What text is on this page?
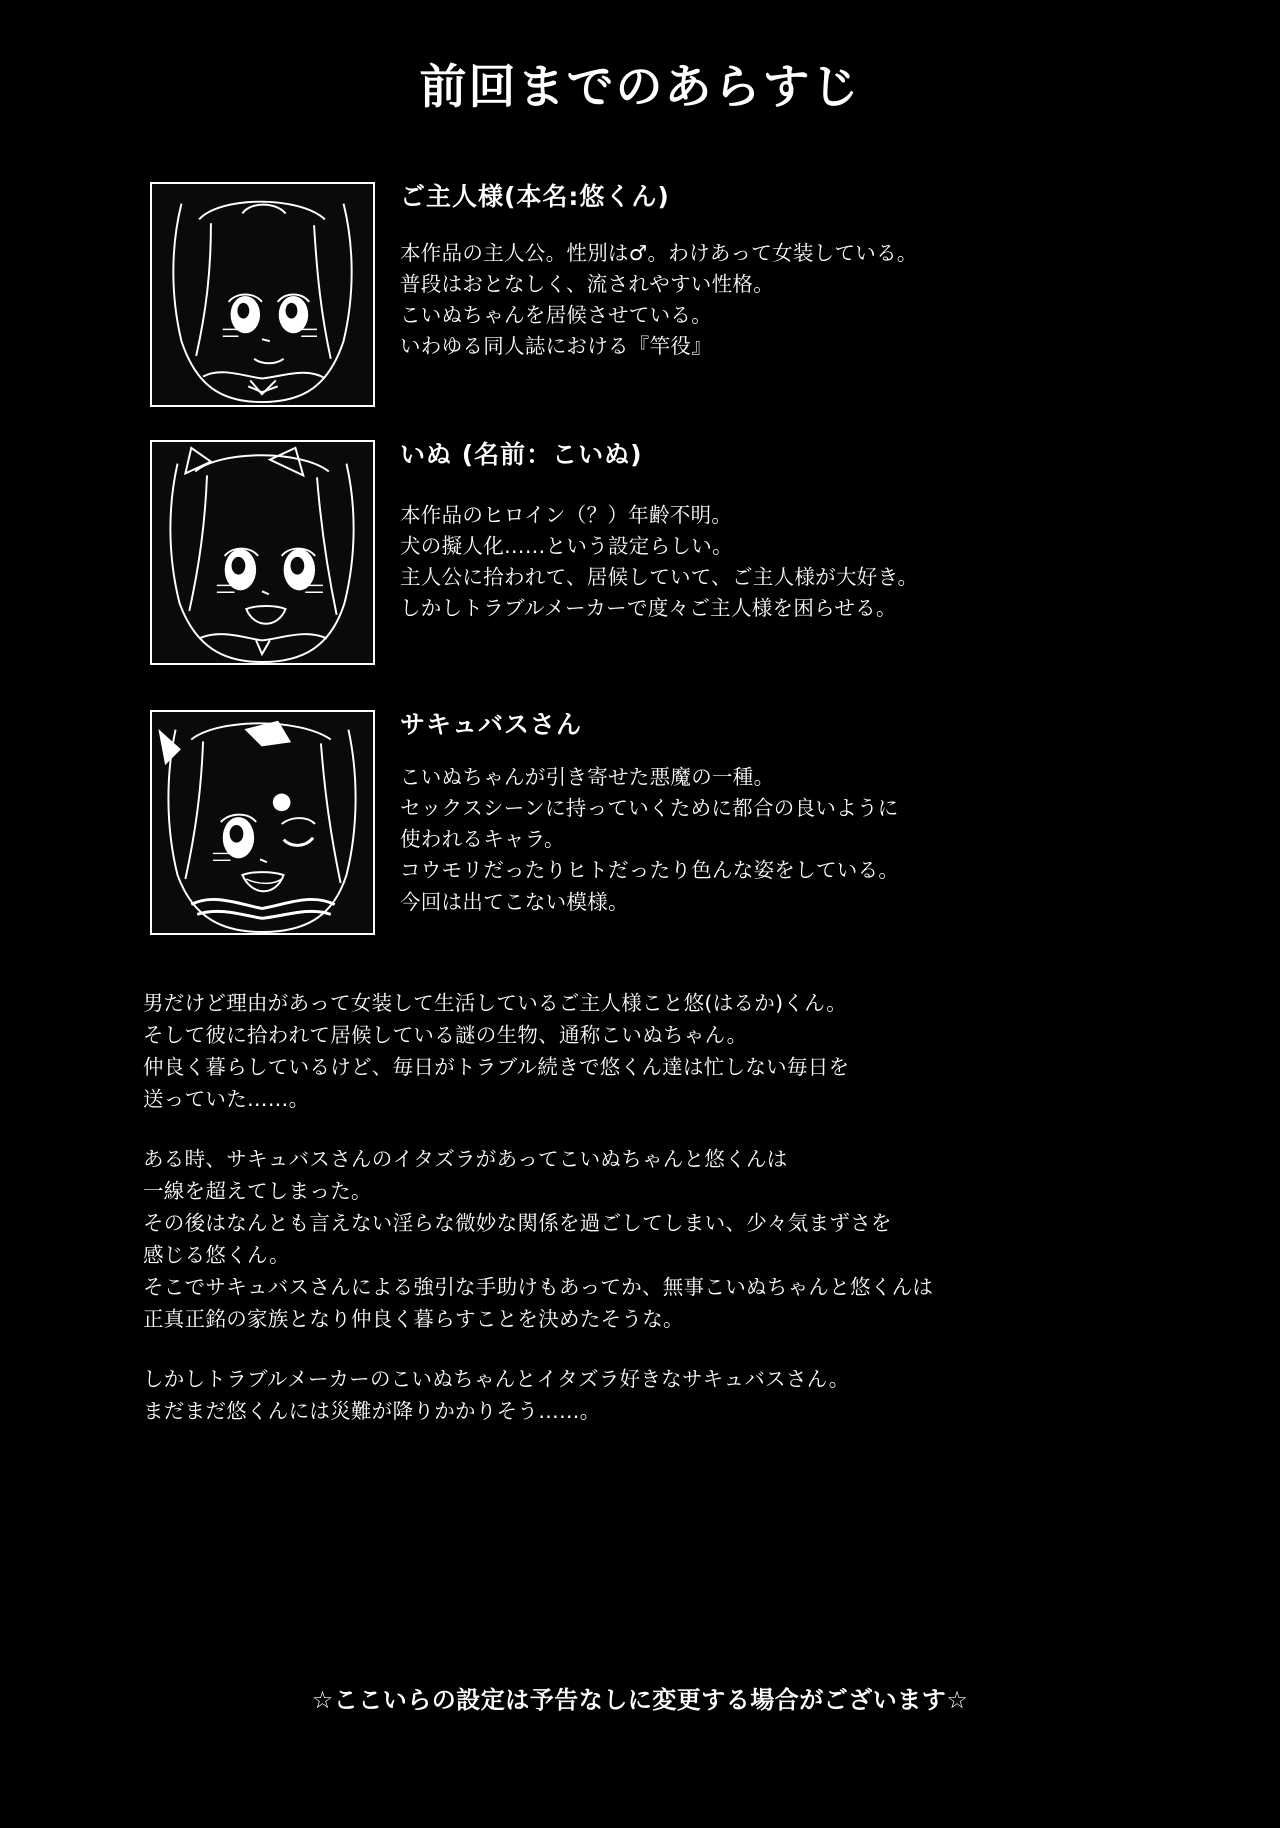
前回までのあらすじ
ご主人様(本名:悠くん)
本作品の主人公。性別は♂。わけあって女装している。
普段はおとなしく、流されやすい性格。
こいぬちゃんを居候させている。
いわゆる同人誌における『竿役』
いぬ (名前：こいぬ)
本作品のヒロイン（？）年齢不明。
犬の擬人化……という設定らしい。
主人公に拾われて、居候していて、ご主人様が大好き。
しかしトラブルメーカーで度々ご主人様を困らせる。
サキュバスさん
こいぬちゃんが引き寄せた悪魔の一種。
セックスシーンに持っていくために都合の良いように
使われるキャラ。
コウモリだったりヒトだったり色んな姿をしている。
今回は出てこない模様。

男だけど理由があって女装して生活しているご主人様こと悠(はるか)くん。
そして彼に拾われて居候している謎の生物、通称こいぬちゃん。
仲良く暮らしているけど、毎日がトラブル続きで悠くん達は忙しない毎日を
送っていた……。

ある時、サキュバスさんのイタズラがあってこいぬちゃんと悠くんは
一線を超えてしまった。
その後はなんとも言えない淫らな微妙な関係を過ごしてしまい、少々気まずさを
感じる悠くん。
そこでサキュバスさんによる強引な手助けもあってか、無事こいぬちゃんと悠くんは
正真正銘の家族となり仲良く暮らすことを決めたそうな。

しかしトラブルメーカーのこいぬちゃんとイタズラ好きなサキュバスさん。
まだまだ悠くんには災難が降りかかりそう……。

☆ここいらの設定は予告なしに変更する場合がございます☆
